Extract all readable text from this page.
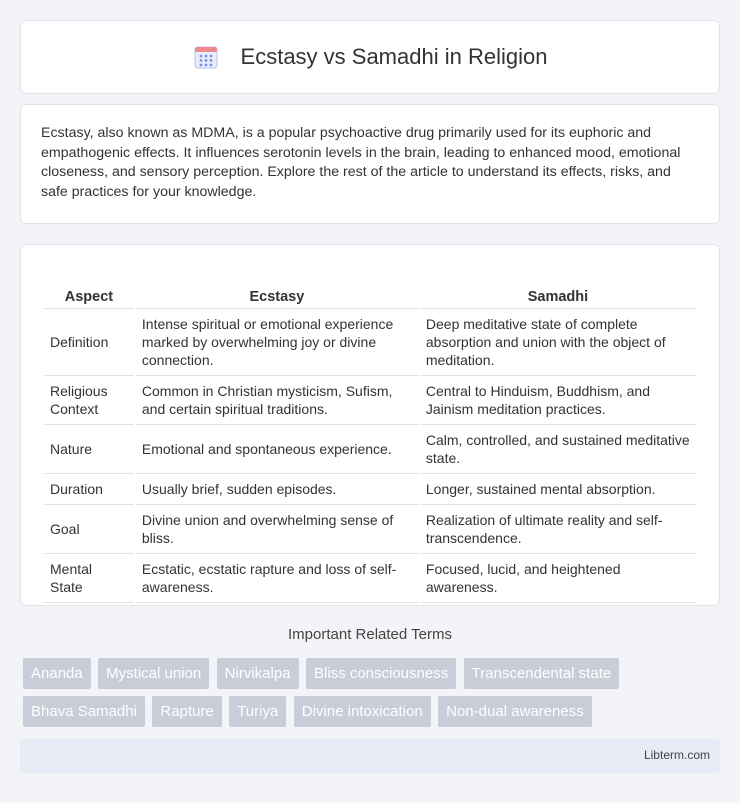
Ecstasy vs Samadhi in Religion

Ecstasy, also known as MDMA, is a popular psychoactive drug primarily used for its euphoric and empathogenic effects. It influences serotonin levels in the brain, leading to enhanced mood, emotional closeness, and sensory perception. Explore the rest of the article to understand its effects, risks, and safe practices for your knowledge.

Aspect	Ecstasy	Samadhi
Definition	Intense spiritual or emotional experience marked by overwhelming joy or divine connection.	Deep meditative state of complete absorption and union with the object of meditation.
Religious Context	Common in Christian mysticism, Sufism, and certain spiritual traditions.	Central to Hinduism, Buddhism, and Jainism meditation practices.
Nature	Emotional and spontaneous experience.	Calm, controlled, and sustained meditative state.
Duration	Usually brief, sudden episodes.	Longer, sustained mental absorption.
Goal	Divine union and overwhelming sense of bliss.	Realization of ultimate reality and self-transcendence.
Mental State	Ecstatic, ecstatic rapture and loss of self-awareness.	Focused, lucid, and heightened awareness.
Important Related Terms
Ananda Mystical union Nirvikalpa Bliss consciousness Transcendental state Bhava Samadhi Rapture Turiya Divine intoxication Non-dual awareness
Libterm.com
